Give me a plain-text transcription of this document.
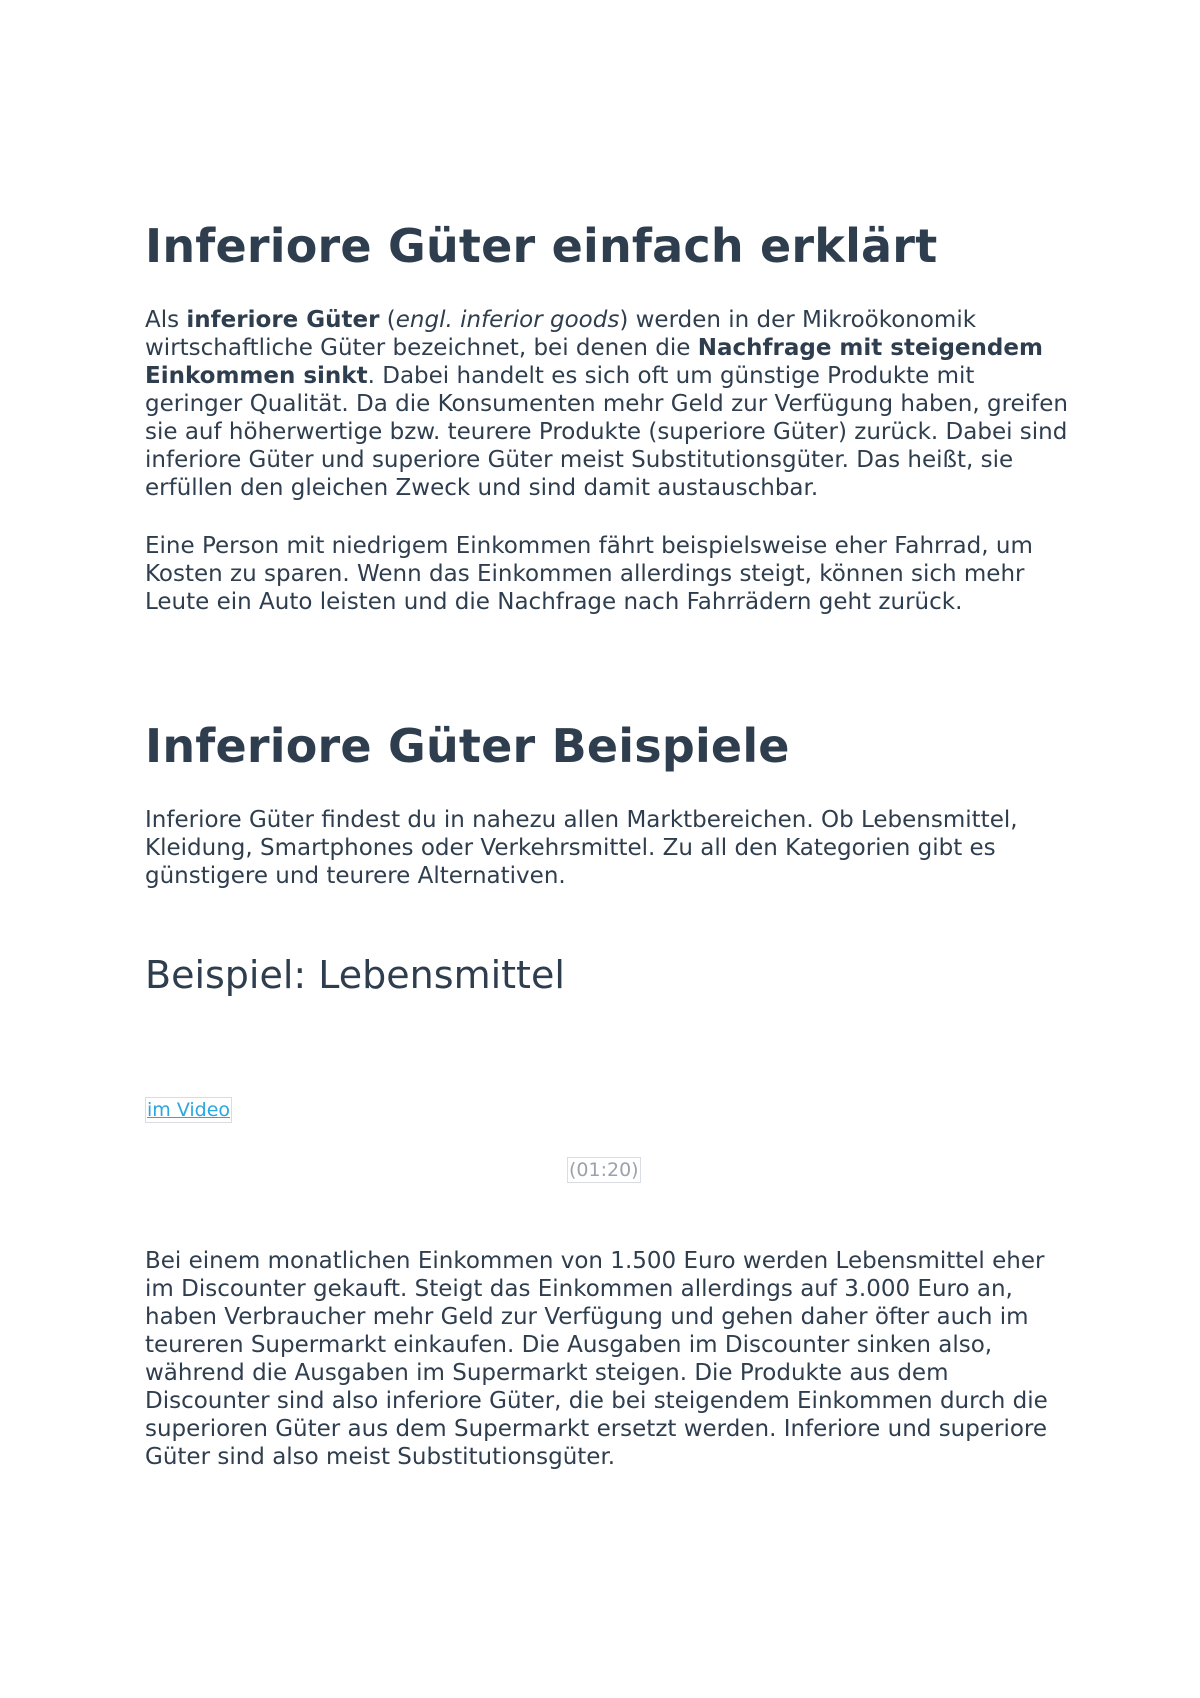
Inferiore Güter einfach erklärt

Als inferiore Güter (engl. inferior goods) werden in der Mikroökonomik wirtschaftliche Güter bezeichnet, bei denen die Nachfrage mit steigendem Einkommen sinkt. Dabei handelt es sich oft um günstige Produkte mit geringer Qualität. Da die Konsumenten mehr Geld zur Verfügung haben, greifen sie auf höherwertige bzw. teurere Produkte (superiore Güter) zurück. Dabei sind inferiore Güter und superiore Güter meist Substitutionsgüter. Das heißt, sie erfüllen den gleichen Zweck und sind damit austauschbar.

Eine Person mit niedrigem Einkommen fährt beispielsweise eher Fahrrad, um Kosten zu sparen. Wenn das Einkommen allerdings steigt, können sich mehr Leute ein Auto leisten und die Nachfrage nach Fahrrädern geht zurück.

Inferiore Güter Beispiele

Inferiore Güter findest du in nahezu allen Marktbereichen. Ob Lebensmittel, Kleidung, Smartphones oder Verkehrsmittel. Zu all den Kategorien gibt es günstigere und teurere Alternativen.

Beispiel: Lebensmittel
im Video
(01:20)

Bei einem monatlichen Einkommen von 1.500 Euro werden Lebensmittel eher im Discounter gekauft. Steigt das Einkommen allerdings auf 3.000 Euro an, haben Verbraucher mehr Geld zur Verfügung und gehen daher öfter auch im teureren Supermarkt einkaufen. Die Ausgaben im Discounter sinken also, während die Ausgaben im Supermarkt steigen. Die Produkte aus dem Discounter sind also inferiore Güter, die bei steigendem Einkommen durch die superioren Güter aus dem Supermarkt ersetzt werden. Inferiore und superiore Güter sind also meist Substitutionsgüter.
